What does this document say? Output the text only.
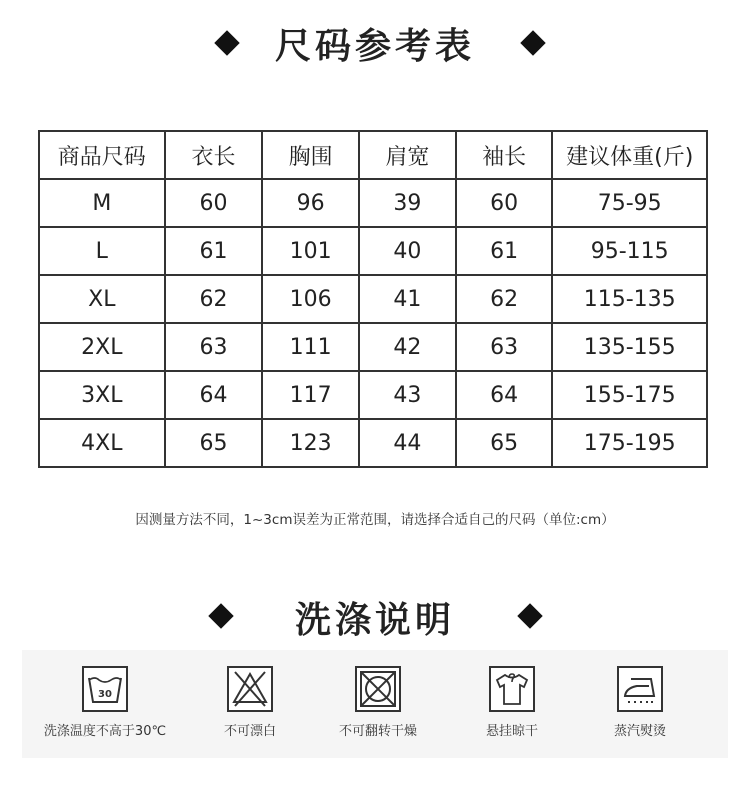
尺码参考表
商品尺码	衣长	胸围	肩宽	袖长	建议体重(斤)
M	60	96	39	60	75-95
L	61	101	40	61	95-115
XL	62	106	41	62	115-135
2XL	63	111	42	63	135-155
3XL	64	117	43	64	155-175
4XL	65	123	44	65	175-195
因测量方法不同，1~3cm误差为正常范围，请选择合适自己的尺码（单位:cm）
洗涤说明
30
洗涤温度不高于30℃	不可漂白	不可翻转干燥	悬挂晾干	蒸汽熨烫
